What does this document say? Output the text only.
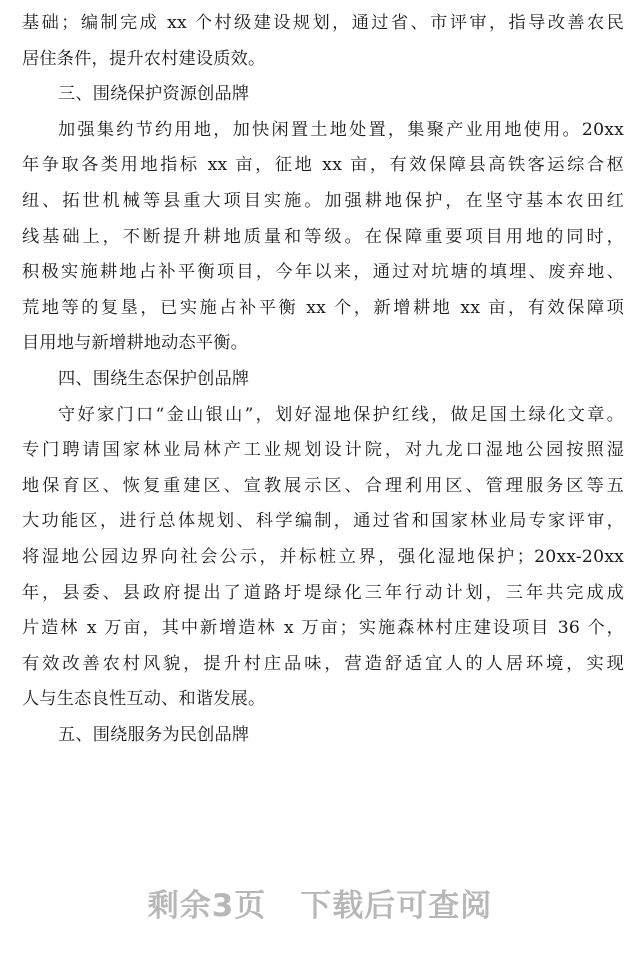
基础；编制完成 xx 个村级建设规划，通过省、市评审，指导改善农民
居住条件，提升农村建设质效。
三、围绕保护资源创品牌
加强集约节约用地，加快闲置土地处置，集聚产业用地使用。20xx
年争取各类用地指标 xx 亩，征地 xx 亩，有效保障县高铁客运综合枢
纽、拓世机械等县重大项目实施。加强耕地保护，在坚守基本农田红
线基础上，不断提升耕地质量和等级。在保障重要项目用地的同时，
积极实施耕地占补平衡项目，今年以来，通过对坑塘的填埋、废弃地、
荒地等的复垦，已实施占补平衡 xx 个，新增耕地 xx 亩，有效保障项
目用地与新增耕地动态平衡。
四、围绕生态保护创品牌
守好家门口“金山银山”，划好湿地保护红线，做足国土绿化文章。
专门聘请国家林业局林产工业规划设计院，对九龙口湿地公园按照湿
地保育区、恢复重建区、宣教展示区、合理利用区、管理服务区等五
大功能区，进行总体规划、科学编制，通过省和国家林业局专家评审，
将湿地公园边界向社会公示，并标桩立界，强化湿地保护；20xx-20xx
年，县委、县政府提出了道路圩堤绿化三年行动计划，三年共完成成
片造林 x 万亩，其中新增造林 x 万亩；实施森林村庄建设项目 36 个，
有效改善农村风貌，提升村庄品味，营造舒适宜人的人居环境，实现
人与生态良性互动、和谐发展。
五、围绕服务为民创品牌
剩余3页 下载后可查阅
